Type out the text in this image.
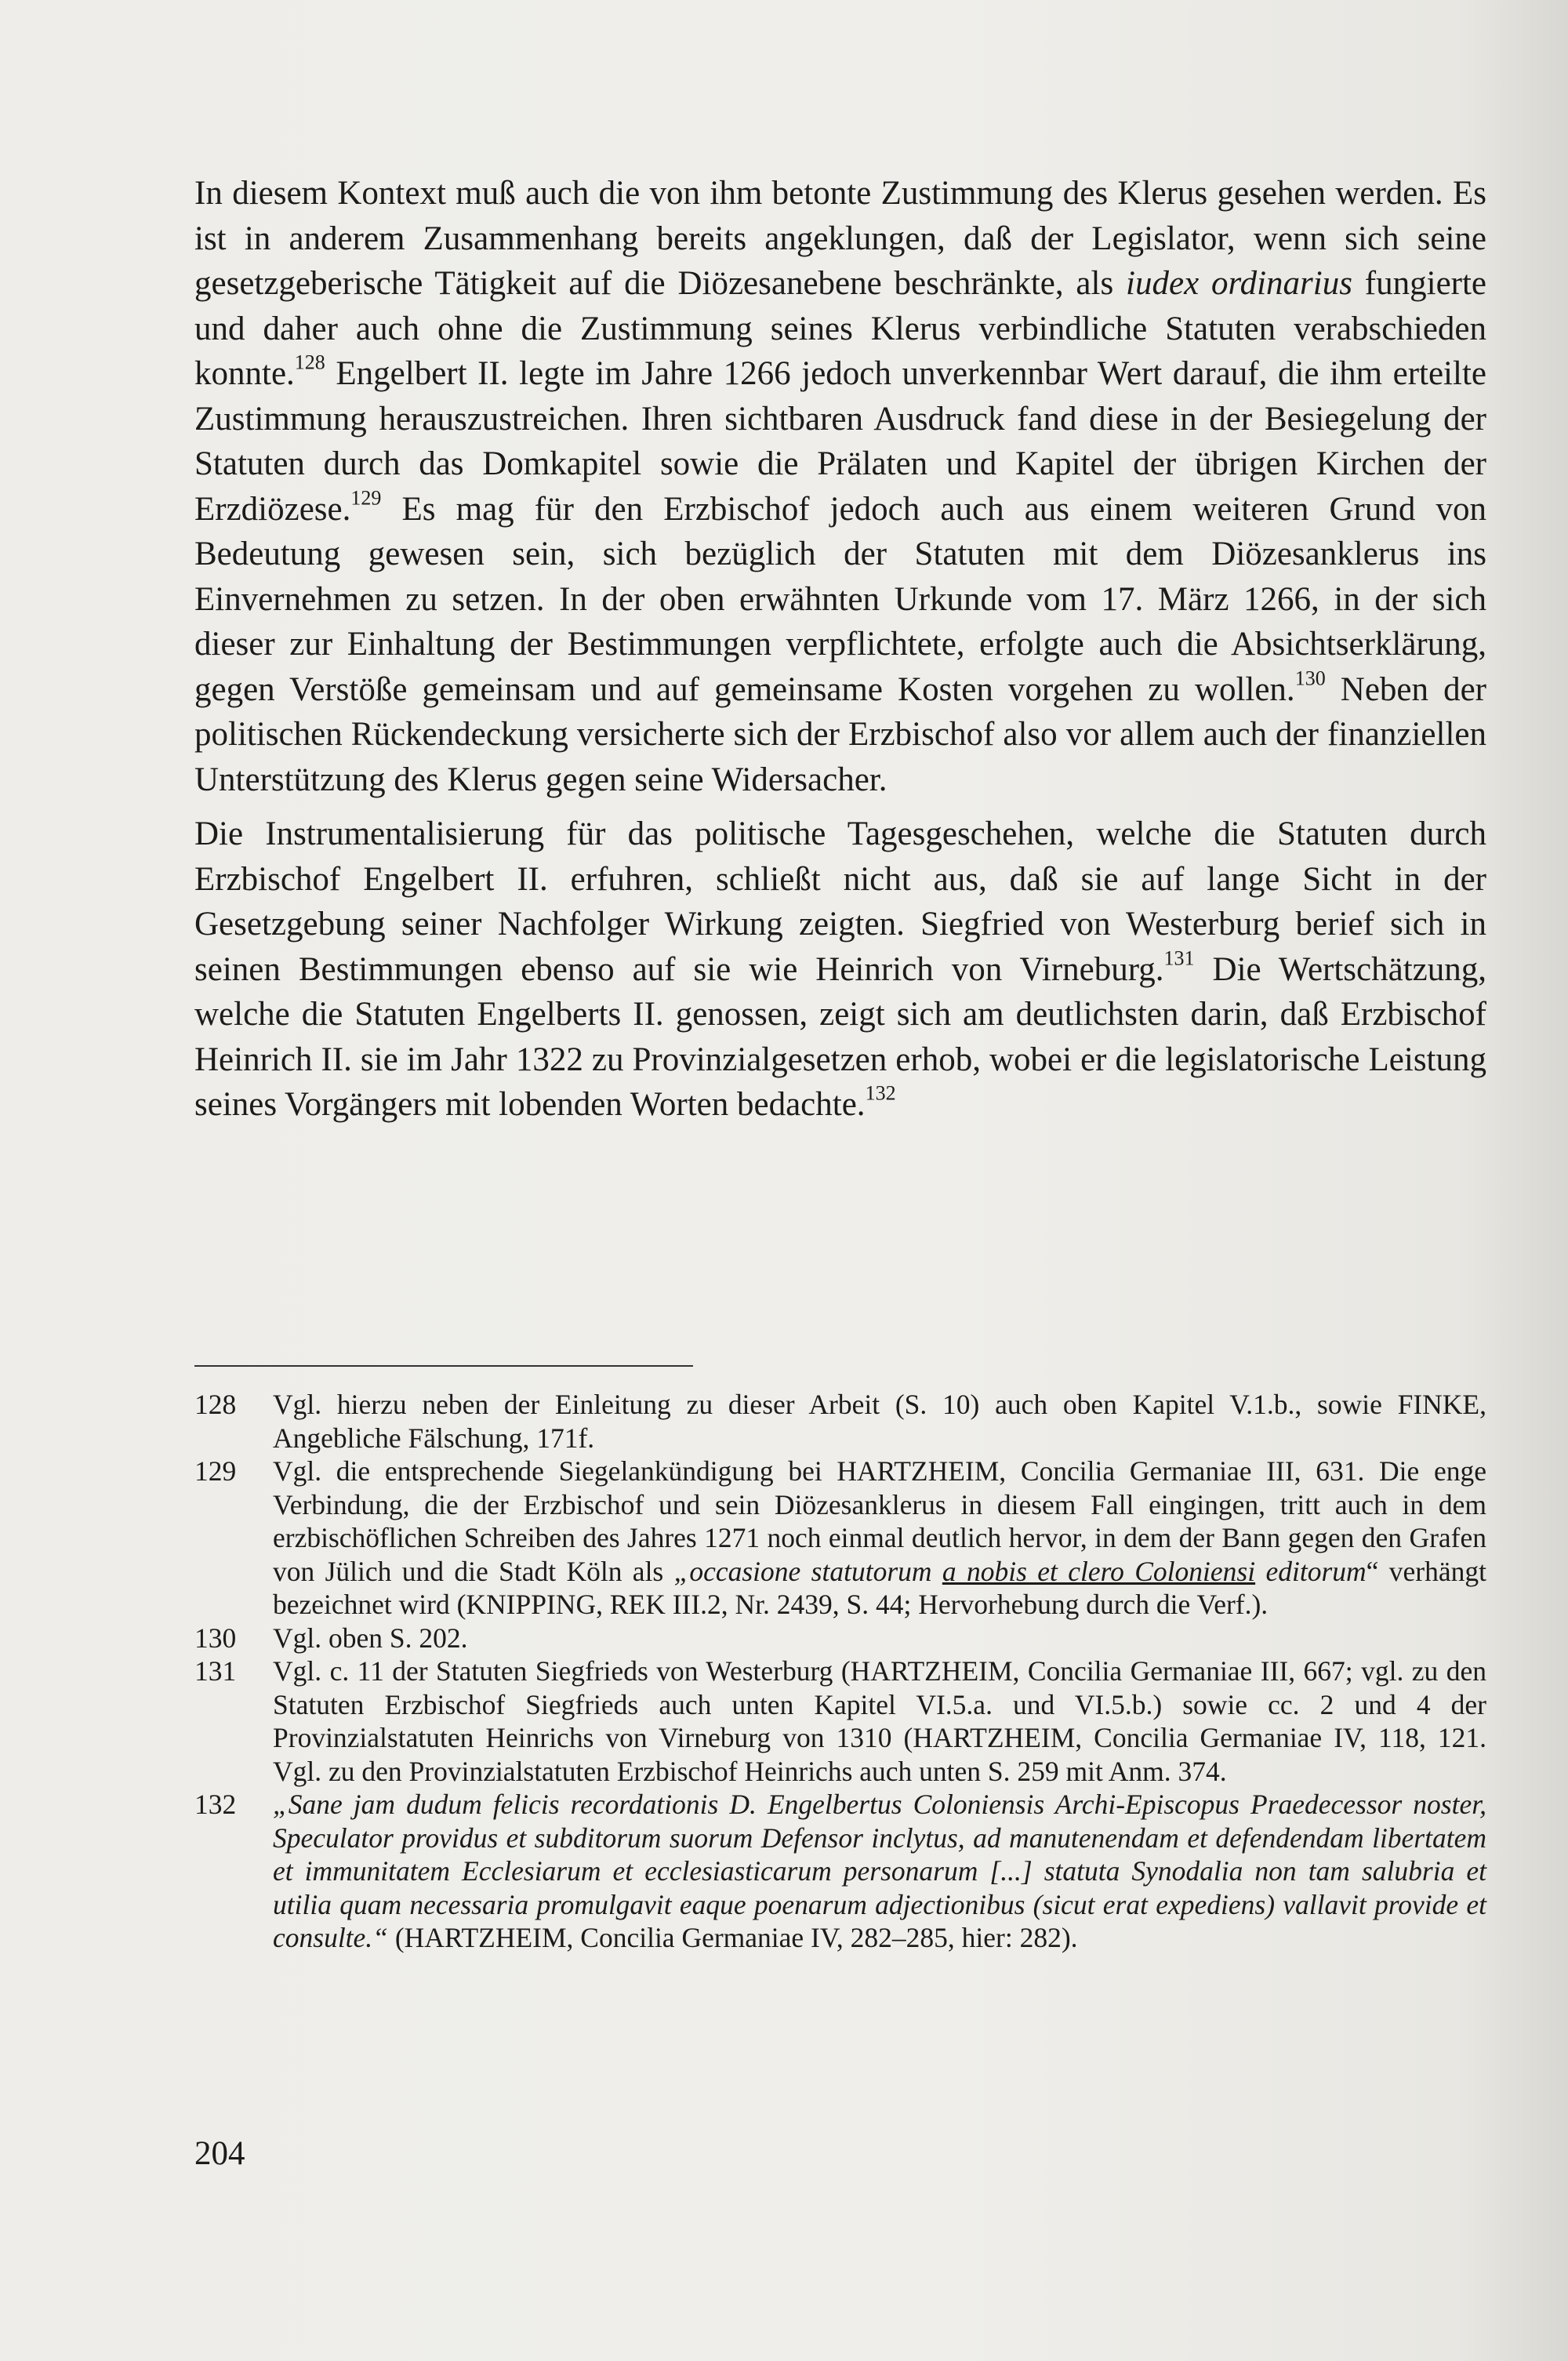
In diesem Kontext muß auch die von ihm betonte Zustimmung des Klerus gesehen werden. Es ist in anderem Zusammenhang bereits angeklungen, daß der Legislator, wenn sich seine gesetzgeberische Tätigkeit auf die Diözesanebene beschränkte, als iudex ordinarius fungierte und daher auch ohne die Zustimmung seines Klerus verbindliche Statuten verabschieden konnte.$^{128}$ Engelbert II. legte im Jahre 1266 jedoch unverkennbar Wert darauf, die ihm erteilte Zustimmung herauszustreichen. Ihren sichtbaren Ausdruck fand diese in der Besiegelung der Statuten durch das Domkapitel sowie die Prälaten und Kapitel der übrigen Kirchen der Erzdiözese.$^{129}$ Es mag für den Erzbischof jedoch auch aus einem weiteren Grund von Bedeutung gewesen sein, sich bezüglich der Statuten mit dem Diözesanklerus ins Einvernehmen zu setzen. In der oben erwähnten Urkunde vom 17. März 1266, in der sich dieser zur Einhaltung der Bestimmungen verpflichtete, erfolgte auch die Absichtserklärung, gegen Verstöße gemeinsam und auf gemeinsame Kosten vorgehen zu wollen.$^{130}$ Neben der politischen Rückendeckung versicherte sich der Erzbischof also vor allem auch der finanziellen Unterstützung des Klerus gegen seine Widersacher.

Die Instrumentalisierung für das politische Tagesgeschehen, welche die Statuten durch Erzbischof Engelbert II. erfuhren, schließt nicht aus, daß sie auf lange Sicht in der Gesetzgebung seiner Nachfolger Wirkung zeigten. Siegfried von Westerburg berief sich in seinen Bestimmungen ebenso auf sie wie Heinrich von Virneburg.$^{131}$ Die Wertschätzung, welche die Statuten Engelberts II. genossen, zeigt sich am deutlichsten darin, daß Erzbischof Heinrich II. sie im Jahr 1322 zu Provinzialgesetzen erhob, wobei er die legislatorische Leistung seines Vorgängers mit lobenden Worten bedachte.$^{132}$

128	Vgl. hierzu neben der Einleitung zu dieser Arbeit (S. 10) auch oben Kapitel V.1.b., sowie FINKE, Angebliche Fälschung, 171f.
129	Vgl. die entsprechende Siegelankündigung bei HARTZHEIM, Concilia Germaniae III, 631. Die enge Verbindung, die der Erzbischof und sein Diözesanklerus in diesem Fall eingingen, tritt auch in dem erzbischöflichen Schreiben des Jahres 1271 noch einmal deutlich hervor, in dem der Bann gegen den Grafen von Jülich und die Stadt Köln als „occasione statutorum a nobis et clero Coloniensi editorum“ verhängt bezeichnet wird (KNIPPING, REK III.2, Nr. 2439, S. 44; Hervorhebung durch die Verf.).
130	Vgl. oben S. 202.
131	Vgl. c. 11 der Statuten Siegfrieds von Westerburg (HARTZHEIM, Concilia Germaniae III, 667; vgl. zu den Statuten Erzbischof Siegfrieds auch unten Kapitel VI.5.a. und VI.5.b.) sowie cc. 2 und 4 der Provinzialstatuten Heinrichs von Virneburg von 1310 (HARTZHEIM, Concilia Germaniae IV, 118, 121. Vgl. zu den Provinzialstatuten Erzbischof Heinrichs auch unten S. 259 mit Anm. 374.
132	„Sane jam dudum felicis recordationis D. Engelbertus Coloniensis Archi-Episcopus Praedecessor noster, Speculator providus et subditorum suorum Defensor inclytus, ad manutenendam et defendendam libertatem et immunitatem Ecclesiarum et ecclesiasticarum personarum [...] statuta Synodalia non tam salubria et utilia quam necessaria promulgavit eaque poenarum adjectionibus (sicut erat expediens) vallavit provide et consulte.“ (HARTZHEIM, Concilia Germaniae IV, 282–285, hier: 282).
204
